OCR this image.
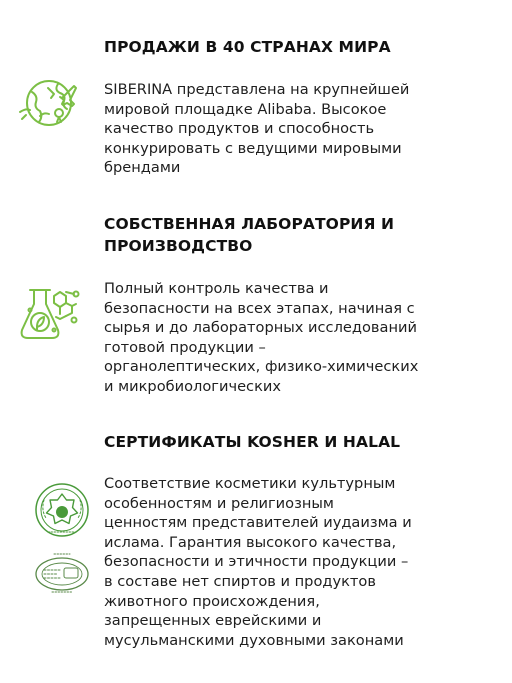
ПРОДАЖИ В 40 СТРАНАХ МИРА
SIBERINA представлена на крупнейшей
мировой площадке Alibaba. Высокое
качество продуктов и способность
конкурировать с ведущими мировыми
брендами
СОБСТВЕННАЯ ЛАБОРАТОРИЯ И
ПРОИЗВОДСТВО
Полный контроль качества и
безопасности на всех этапах, начиная с
сырья и до лабораторных исследований
готовой продукции –
органолептических, физико-химических
и микробиологических
СЕРТИФИКАТЫ KOSHER И HALAL
Соответствие косметики культурным
особенностям и религиозным
ценностям представителей иудаизма и
ислама. Гарантия высокого качества,
безопасности и этичности продукции –
в составе нет спиртов и продуктов
животного происхождения,
запрещенных еврейскими и
мусульманскими духовными законами
